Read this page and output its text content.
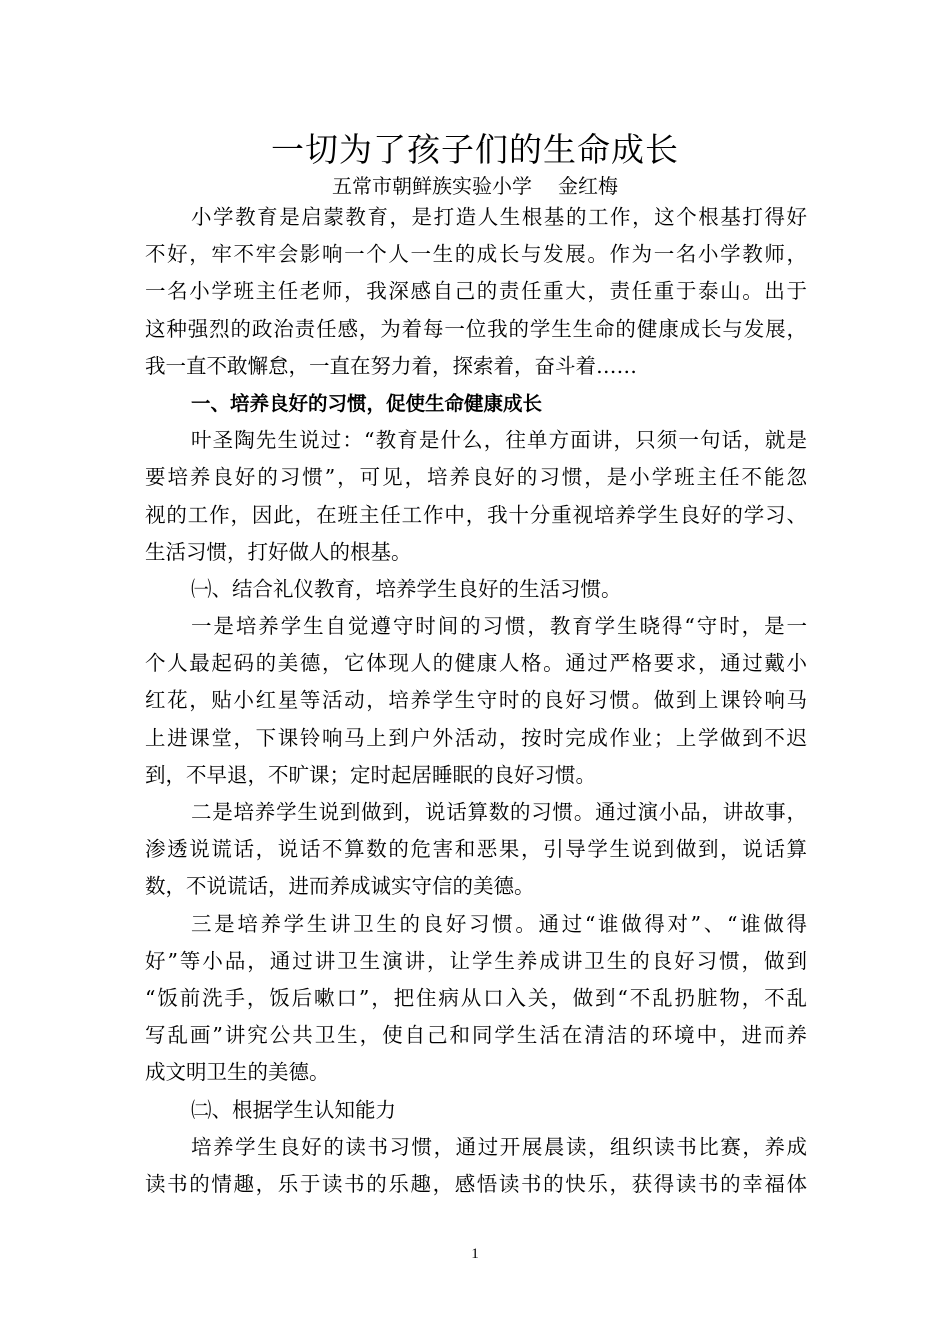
一切为了孩子们的生命成长
五常市朝鲜族实验小学 金红梅
小学教育是启蒙教育，是打造人生根基的工作，这个根基打得好
不好，牢不牢会影响一个人一生的成长与发展。作为一名小学教师，
一名小学班主任老师，我深感自己的责任重大，责任重于泰山。出于
这种强烈的政治责任感，为着每一位我的学生生命的健康成长与发展，
我一直不敢懈怠，一直在努力着，探索着，奋斗着……
一、培养良好的习惯，促使生命健康成长
叶圣陶先生说过：“教育是什么，往单方面讲，只须一句话，就是
要培养良好的习惯”，可见，培养良好的习惯，是小学班主任不能忽
视的工作，因此，在班主任工作中，我十分重视培养学生良好的学习、
生活习惯，打好做人的根基。
㈠、结合礼仪教育，培养学生良好的生活习惯。
一是培养学生自觉遵守时间的习惯，教育学生晓得“守时，是一
个人最起码的美德，它体现人的健康人格。通过严格要求，通过戴小
红花，贴小红星等活动，培养学生守时的良好习惯。做到上课铃响马
上进课堂，下课铃响马上到户外活动，按时完成作业；上学做到不迟
到，不早退，不旷课；定时起居睡眠的良好习惯。
二是培养学生说到做到，说话算数的习惯。通过演小品，讲故事，
渗透说谎话，说话不算数的危害和恶果，引导学生说到做到，说话算
数，不说谎话，进而养成诚实守信的美德。
三是培养学生讲卫生的良好习惯。通过“谁做得对”、“谁做得
好”等小品，通过讲卫生演讲，让学生养成讲卫生的良好习惯，做到
“饭前洗手，饭后嗽口”，把住病从口入关，做到“不乱扔脏物，不乱
写乱画”讲究公共卫生，使自己和同学生活在清洁的环境中，进而养
成文明卫生的美德。
㈡、根据学生认知能力
培养学生良好的读书习惯，通过开展晨读，组织读书比赛，养成
读书的情趣，乐于读书的乐趣，感悟读书的快乐，获得读书的幸福体
1
